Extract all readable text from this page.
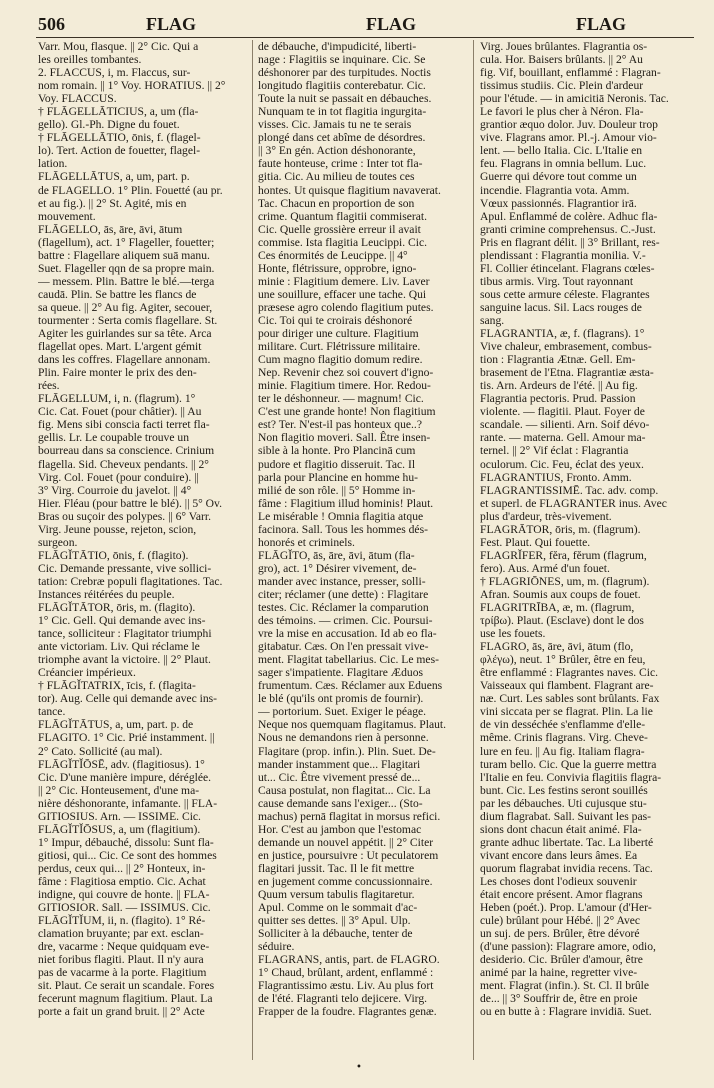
506	FLAG	FLAG	FLAG
Varr. Mou, flasque. || 2° Cic. Qui a
les oreilles tombantes.
2. FLACCUS, i, m. Flaccus, sur-
nom romain. || 1° Voy. HORATIUS. || 2°
Voy. FLACCUS.
† FLĀGELLĀTICIUS, a, um (fla-
gello). Gl.-Ph. Digne du fouet.
† FLĀGELLĀTIO, ōnis, f. (flagel-
lo). Tert. Action de fouetter, flagel-
lation.
FLĀGELLĀTUS, a, um, part. p.
de FLAGELLO. 1° Plin. Fouetté (au pr.
et au fig.). || 2° St. Agité, mis en
mouvement.
FLĀGELLO, ās, āre, āvi, ātum
(flagellum), act. 1° Flageller, fouetter;
battre : Flagellare aliquem suā manu.
Suet. Flageller qqn de sa propre main.
— messem. Plin. Battre le blé.—terga
caudā. Plin. Se battre les flancs de
sa queue. || 2° Au fig. Agiter, secouer,
tourmenter : Serta comis flagellare. St.
Agiter les guirlandes sur sa tête. Arca
flagellat opes. Mart. L'argent gémit
dans les coffres. Flagellare annonam.
Plin. Faire monter le prix des den-
rées.
FLĀGELLUM, i, n. (flagrum). 1°
Cic. Cat. Fouet (pour châtier). || Au
fig. Mens sibi conscia facti terret fla-
gellis. Lr. Le coupable trouve un
bourreau dans sa conscience. Crinium
flagella. Sid. Cheveux pendants. || 2°
Virg. Col. Fouet (pour conduire). ||
3° Virg. Courroie du javelot. || 4°
Hier. Fléau (pour battre le blé). || 5° Ov.
Bras ou suçoir des polypes. || 6° Varr.
Virg. Jeune pousse, rejeton, scion,
surgeon.
FLĀGĬTĀTIO, ōnis, f. (flagito).
Cic. Demande pressante, vive sollici-
tation: Crebræ populi flagitationes. Tac.
Instances réitérées du peuple.
FLĀGĬTĀTOR, ōris, m. (flagito).
1° Cic. Gell. Qui demande avec ins-
tance, solliciteur : Flagitator triumphi
ante victoriam. Liv. Qui réclame le
triomphe avant la victoire. || 2° Plaut.
Créancier impérieux.
† FLĀGĬTATRIX, īcis, f. (flagita-
tor). Aug. Celle qui demande avec ins-
tance.
FLĀGĬTĀTUS, a, um, part. p. de
FLAGITO. 1° Cic. Prié instamment. ||
2° Cato. Sollicité (au mal).
FLĀGĬTĬŌSĒ, adv. (flagitiosus). 1°
Cic. D'une manière impure, déréglée.
|| 2° Cic. Honteusement, d'une ma-
nière déshonorante, infamante. || FLA-
GITIOSIUS. Arn. — ISSIME. Cic.
FLĀGĬTĬŌSUS, a, um (flagitium).
1° Impur, débauché, dissolu: Sunt fla-
gitiosi, qui... Cic. Ce sont des hommes
perdus, ceux qui... || 2° Honteux, in-
fâme : Flagitiosa emptio. Cic. Achat
indigne, qui couvre de honte. || FLA-
GITIOSIOR. Sall. — ISSIMUS. Cic.
FLĀGĬTĬUM, ii, n. (flagito). 1° Ré-
clamation bruyante; par ext. esclan-
dre, vacarme : Neque quidquam eve-
niet foribus flagiti. Plaut. Il n'y aura
pas de vacarme à la porte. Flagitium
sit. Plaut. Ce serait un scandale. Fores
fecerunt magnum flagitium. Plaut. La
porte a fait un grand bruit. || 2° Acte
de débauche, d'impudicité, liberti-
nage : Flagitiis se inquinare. Cic. Se
déshonorer par des turpitudes. Noctis
longitudo flagitiis conterebatur. Cic.
Toute la nuit se passait en débauches.
Nunquam te in tot flagitia ingurgita-
visses. Cic. Jamais tu ne te serais
plongé dans cet abîme de désordres.
|| 3° En gén. Action déshonorante,
faute honteuse, crime : Inter tot fla-
gitia. Cic. Au milieu de toutes ces
hontes. Ut quisque flagitium navaverat.
Tac. Chacun en proportion de son
crime. Quantum flagitii commiserat.
Cic. Quelle grossière erreur il avait
commise. Ista flagitia Leucippi. Cic.
Ces énormités de Leucippe. || 4°
Honte, flétrissure, opprobre, igno-
minie : Flagitium demere. Liv. Laver
une souillure, effacer une tache. Qui
præsese agro colendo flagitium putes.
Cic. Toi qui te croirais déshonoré
pour diriger une culture. Flagitium
militare. Curt. Flétrissure militaire.
Cum magno flagitio domum redire.
Nep. Revenir chez soi couvert d'igno-
minie. Flagitium timere. Hor. Redou-
ter le déshonneur. — magnum! Cic.
C'est une grande honte! Non flagitium
est? Ter. N'est-il pas honteux que..?
Non flagitio moveri. Sall. Être insen-
sible à la honte. Pro Plancinā cum
pudore et flagitio disseruit. Tac. Il
parla pour Plancine en homme hu-
milié de son rôle. || 5° Homme in-
fâme : Flagitium illud hominis! Plaut.
Le misérable ! Omnia flagitia atque
facinora. Sall. Tous les hommes dés-
honorés et criminels.
FLĀGĬTO, ās, āre, āvi, ātum (fla-
gro), act. 1° Désirer vivement, de-
mander avec instance, presser, solli-
citer; réclamer (une dette) : Flagitare
testes. Cic. Réclamer la comparution
des témoins. — crimen. Cic. Poursui-
vre la mise en accusation. Id ab eo fla-
gitabatur. Cæs. On l'en pressait vive-
ment. Flagitat tabellarius. Cic. Le mes-
sager s'impatiente. Flagitare Æduos
frumentum. Cæs. Réclamer aux Eduens
le blé (qu'ils ont promis de fournir).
— portorium. Suet. Exiger le péage.
Neque nos quemquam flagitamus. Plaut.
Nous ne demandons rien à personne.
Flagitare (prop. infin.). Plin. Suet. De-
mander instamment que... Flagitari
ut... Cic. Être vivement pressé de...
Causa postulat, non flagitat... Cic. La
cause demande sans l'exiger... (Sto-
machus) pernā flagitat in morsus refici.
Hor. C'est au jambon que l'estomac
demande un nouvel appétit. || 2° Citer
en justice, poursuivre : Ut peculatorem
flagitari jussit. Tac. Il le fit mettre
en jugement comme concussionnaire.
Quum versum tabulis flagitaretur.
Apul. Comme on le sommait d'ac-
quitter ses dettes. || 3° Apul. Ulp.
Solliciter à la débauche, tenter de
séduire.
FLAGRANS, antis, part. de FLAGRO.
1° Chaud, brûlant, ardent, enflammé :
Flagrantissimo æstu. Liv. Au plus fort
de l'été. Flagranti telo dejicere. Virg.
Frapper de la foudre. Flagrantes genæ.
Virg. Joues brûlantes. Flagrantia os-
cula. Hor. Baisers brûlants. || 2° Au
fig. Vif, bouillant, enflammé : Flagran-
tissimus studiis. Cic. Plein d'ardeur
pour l'étude. — in amicitiā Neronis. Tac.
Le favori le plus cher à Néron. Fla-
grantior æquo dolor. Juv. Douleur trop
vive. Flagrans amor. Pl.-j. Amour vio-
lent. — bello Italia. Cic. L'Italie en
feu. Flagrans in omnia bellum. Luc.
Guerre qui dévore tout comme un
incendie. Flagrantia vota. Amm.
Vœux passionnés. Flagrantior irā.
Apul. Enflammé de colère. Adhuc fla-
granti crimine comprehensus. C.-Just.
Pris en flagrant délit. || 3° Brillant, res-
plendissant : Flagrantia monilia. V.-
Fl. Collier étincelant. Flagrans cœles-
tibus armis. Virg. Tout rayonnant
sous cette armure céleste. Flagrantes
sanguine lacus. Sil. Lacs rouges de
sang.
FLAGRANTIA, æ, f. (flagrans). 1°
Vive chaleur, embrasement, combus-
tion : Flagrantia Ætnæ. Gell. Em-
brasement de l'Etna. Flagrantiæ æsta-
tis. Arn. Ardeurs de l'été. || Au fig.
Flagrantia pectoris. Prud. Passion
violente. — flagitii. Plaut. Foyer de
scandale. — silienti. Arn. Soif dévo-
rante. — materna. Gell. Amour ma-
ternel. || 2° Vif éclat : Flagrantia
oculorum. Cic. Feu, éclat des yeux.
FLAGRANTIUS, Fronto. Amm.
FLAGRANTISSIMĒ. Tac. adv. comp.
et superl. de FLAGRANTER inus. Avec
plus d'ardeur, très-vivement.
FLAGRĀTOR, ōris, m. (flagrum).
Fest. Plaut. Qui fouette.
FLAGRĬFER, fĕra, fĕrum (flagrum,
fero). Aus. Armé d'un fouet.
† FLAGRIŌNES, um, m. (flagrum).
Afran. Soumis aux coups de fouet.
FLAGRITRĪBA, æ, m. (flagrum,
τρίβω). Plaut. (Esclave) dont le dos
use les fouets.
FLAGRO, ās, āre, āvi, ātum (flo,
φλέγω), neut. 1° Brûler, être en feu,
être enflammé : Flagrantes naves. Cic.
Vaisseaux qui flambent. Flagrant are-
næ. Curt. Les sables sont brûlants. Fax
vini siccata per se flagrat. Plin. La lie
de vin desséchée s'enflamme d'elle-
même. Crinis flagrans. Virg. Cheve-
lure en feu. || Au fig. Italiam flagra-
turam bello. Cic. Que la guerre mettra
l'Italie en feu. Convivia flagitiis flagra-
bunt. Cic. Les festins seront souillés
par les débauches. Uti cujusque stu-
dium flagrabat. Sall. Suivant les pas-
sions dont chacun était animé. Fla-
grante adhuc libertate. Tac. La liberté
vivant encore dans leurs âmes. Ea
quorum flagrabat invidia recens. Tac.
Les choses dont l'odieux souvenir
était encore présent. Amor flagrans
Heben (poét.). Prop. L'amour (d'Her-
cule) brûlant pour Hébé. || 2° Avec
un suj. de pers. Brûler, être dévoré
(d'une passion): Flagrare amore, odio,
desiderio. Cic. Brûler d'amour, être
animé par la haine, regretter vive-
ment. Flagrat (infin.). St. Cl. Il brûle
de... || 3° Souffrir de, être en proie
ou en butte à : Flagrare invidiā. Suet.
•
